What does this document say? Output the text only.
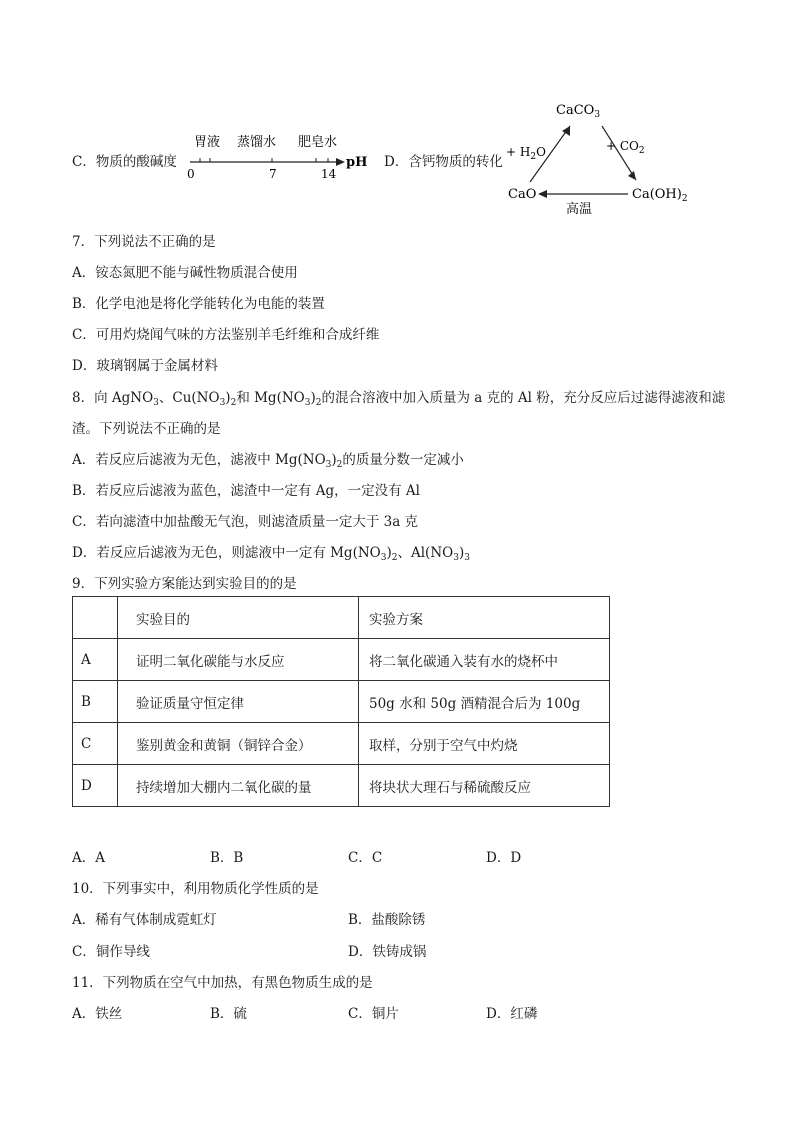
C．物质的酸碱度
胃液 蒸馏水 肥皂水
0	7	14
pH D．含钙物质的转化
CaCO$_3$
CaO	$Ca(OH)_2$
+ $H_2O$	+ $CO_2$
高温
7．下列说法不正确的是
A．铵态氮肥不能与碱性物质混合使用
B．化学电池是将化学能转化为电能的装置
C．可用灼烧闻气味的方法鉴别羊毛纤维和合成纤维
D．玻璃钢属于金属材料
8．向 AgNO$_3$、$Cu(NO_3)_2$和 $Mg(NO_3)_2$的混合溶液中加入质量为 a 克的 Al 粉，充分反应后过滤得滤液和滤
渣。下列说法不正确的是
A．若反应后滤液为无色，滤液中 $Mg(NO_3)_2$的质量分数一定减小
B．若反应后滤液为蓝色，滤渣中一定有 Ag，一定没有 Al
C．若向滤渣中加盐酸无气泡，则滤渣质量一定大于 3a 克
D．若反应后滤液为无色，则滤液中一定有 $Mg(NO_3)_2$、$Al(NO_3)_3$
9．下列实验方案能达到实验目的的是
	实验目的	实验方案
A	证明二氧化碳能与水反应	将二氧化碳通入装有水的烧杯中
B	验证质量守恒定律	50g 水和 50g 酒精混合后为 100g
C	鉴别黄金和黄铜（铜锌合金）	取样，分别于空气中灼烧
D	持续增加大棚内二氧化碳的量	将块状大理石与稀硫酸反应
A．A	B．B	C．C	D．D
10．下列事实中，利用物质化学性质的是
A．稀有气体制成霓虹灯	B．盐酸除锈
C．铜作导线	D．铁铸成锅
11．下列物质在空气中加热，有黑色物质生成的是
A．铁丝	B．硫	C．铜片	D．红磷
